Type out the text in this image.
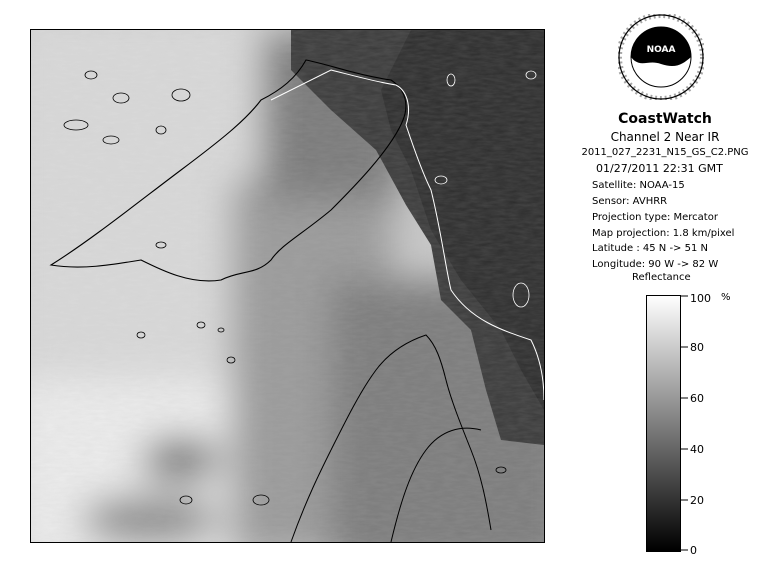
NOAA
CoastWatch
Channel 2 Near IR
2011_027_2231_N15_GS_C2.PNG
01/27/2011 22:31 GMT
Satellite: NOAA-15
Sensor: AVHRR
Projection type: Mercator
Map projection: 1.8 km/pixel
Latitude : 45 N -> 51 N
Longitude: 90 W -> 82 W
Reflectance
100 %
80
60
40
20
0
